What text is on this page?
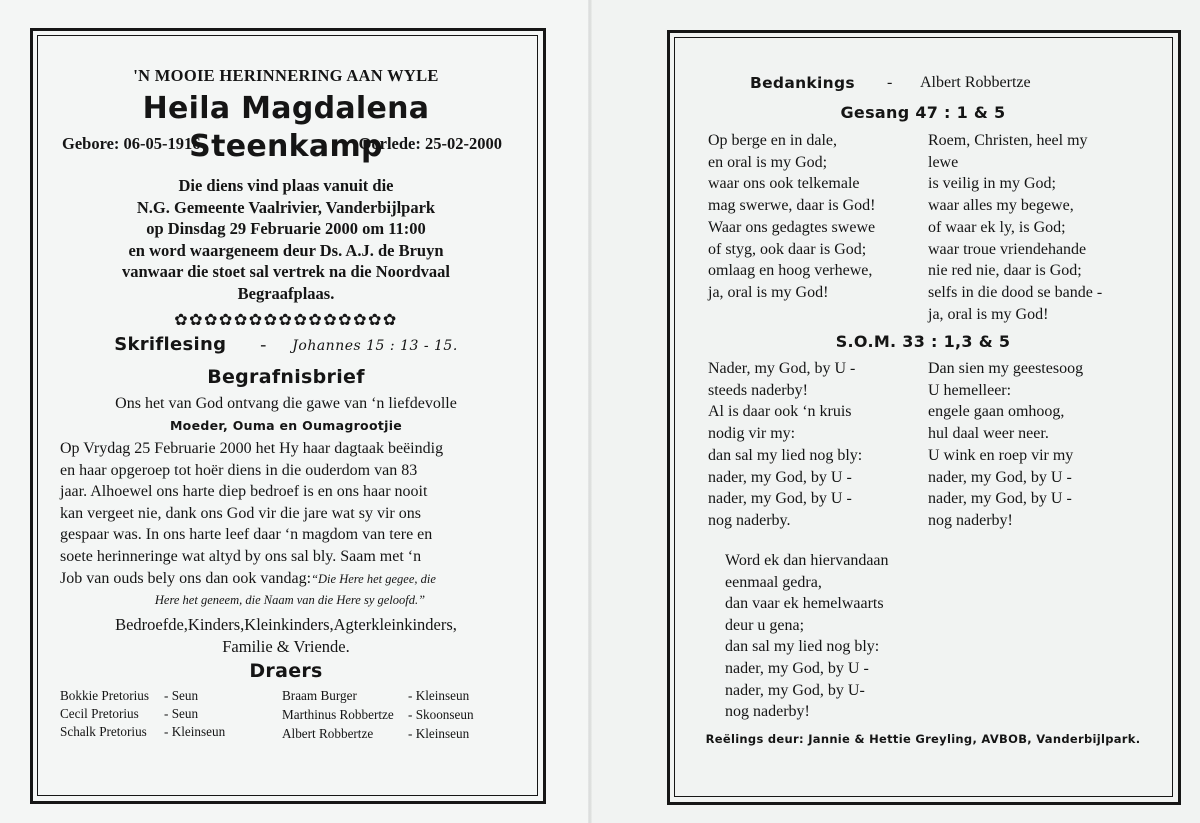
'N MOOIE HERINNERING AAN WYLE
Heila Magdalena Steenkamp
Gebore: 06-05-1916	Oorlede: 25-02-2000
Die diens vind plaas vanuit die
N.G. Gemeente Vaalrivier, Vanderbijlpark
op Dinsdag 29 Februarie 2000 om 11:00
en word waargeneem deur Ds. A.J. de Bruyn
vanwaar die stoet sal vertrek na die Noordvaal
Begraafplaas.
✿✿✿✿✿✿✿✿✿✿✿✿✿✿✿
Skriflesing - Johannes 15 : 13 - 15.
Begrafnisbrief
Ons het van God ontvang die gawe van ‘n liefdevolle
Moeder, Ouma en Oumagrootjie
Op Vrydag 25 Februarie 2000 het Hy haar dagtaak beëindig
en haar opgeroep tot hoër diens in die ouderdom van 83
jaar. Alhoewel ons harte diep bedroef is en ons haar nooit
kan vergeet nie, dank ons God vir die jare wat sy vir ons
gespaar was. In ons harte leef daar ‘n magdom van tere en
soete herinneringe wat altyd by ons sal bly. Saam met ‘n
Job van ouds bely ons dan ook vandag:“Die Here het gegee, die
Here het geneem, die Naam van die Here sy geloofd.”
Bedroefde,Kinders,Kleinkinders,Agterkleinkinders,
Familie & Vriende.
Draers
Bokkie Pretorius - Seun
Cecil Pretorius - Seun
Schalk Pretorius - Kleinseun
Braam Burger	- Kleinseun
Marthinus Robbertze - Skoonseun
Albert Robbertze	- Kleinseun
Bedankings - Albert Robbertze
Gesang 47 : 1 & 5
Op berge en in dale,
en oral is my God;
waar ons ook telkemale
mag swerwe, daar is God!
Waar ons gedagtes swewe
of styg, ook daar is God;
omlaag en hoog verhewe,
ja, oral is my God!
Roem, Christen, heel my
lewe
is veilig in my God;
waar alles my begewe,
of waar ek ly, is God;
waar troue vriendehande
nie red nie, daar is God;
selfs in die dood se bande -
ja, oral is my God!
S.O.M. 33 : 1,3 & 5
Nader, my God, by U -
steeds naderby!
Al is daar ook ‘n kruis
nodig vir my:
dan sal my lied nog bly:
nader, my God, by U -
nader, my God, by U -
nog naderby.
Dan sien my geestesoog
U hemelleer:
engele gaan omhoog,
hul daal weer neer.
U wink en roep vir my
nader, my God, by U -
nader, my God, by U -
nog naderby!
Reëlings deur: Jannie & Hettie Greyling, AVBOB, Vanderbijlpark.
Word ek dan hiervandaan
eenmaal gedra,
dan vaar ek hemelwaarts
deur u gena;
dan sal my lied nog bly:
nader, my God, by U -
nader, my God, by U-
nog naderby!
